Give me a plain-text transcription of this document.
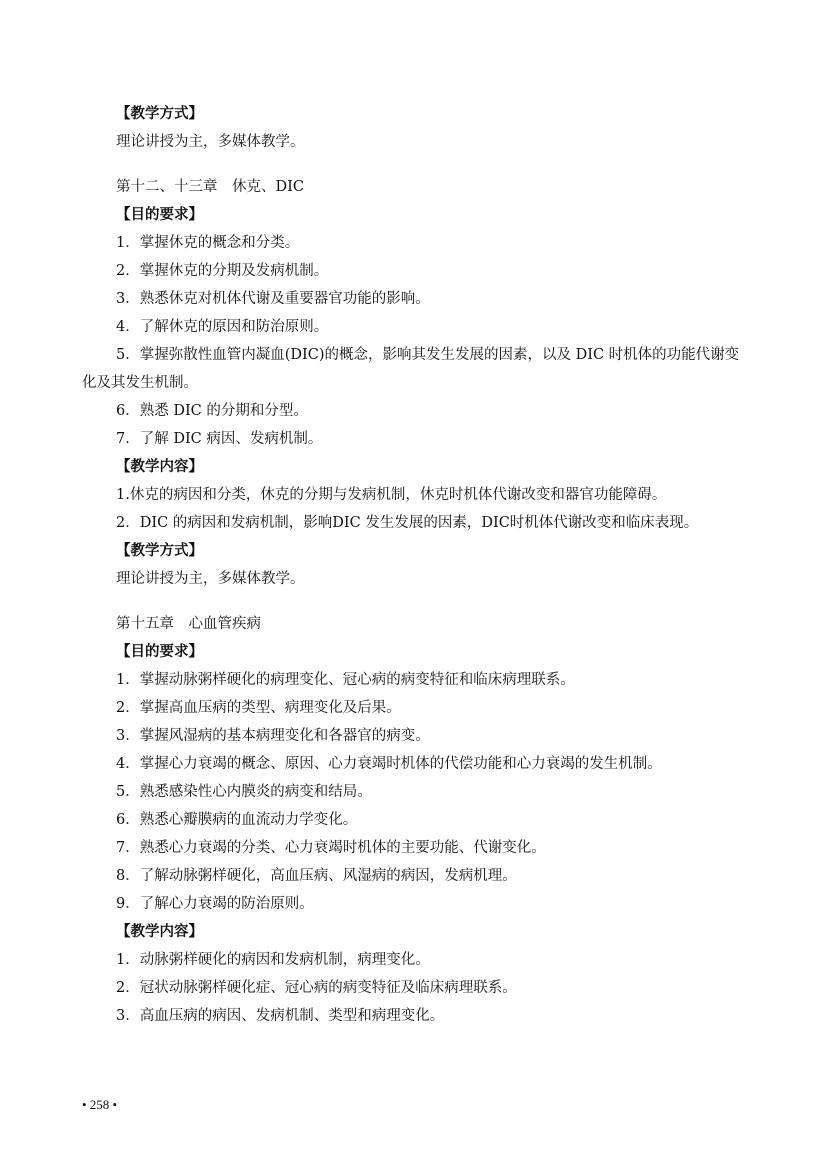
【教学方式】
理论讲授为主，多媒体教学。
第十二、十三章　休克、DIC
【目的要求】
1．掌握休克的概念和分类。
2．掌握休克的分期及发病机制。
3．熟悉休克对机体代谢及重要器官功能的影响。
4．了解休克的原因和防治原则。
5．掌握弥散性血管内凝血(DIC)的概念，影响其发生发展的因素，以及 DIC 时机体的功能代谢变化及其发生机制。
6．熟悉 DIC 的分期和分型。
7．了解 DIC 病因、发病机制。
【教学内容】
1.休克的病因和分类，休克的分期与发病机制，休克时机体代谢改变和器官功能障碍。
2．DIC 的病因和发病机制，影响DIC 发生发展的因素，DIC时机体代谢改变和临床表现。
【教学方式】
理论讲授为主，多媒体教学。
第十五章　心血管疾病
【目的要求】
1．掌握动脉粥样硬化的病理变化、冠心病的病变特征和临床病理联系。
2．掌握高血压病的类型、病理变化及后果。
3．掌握风湿病的基本病理变化和各器官的病变。
4．掌握心力衰竭的概念、原因、心力衰竭时机体的代偿功能和心力衰竭的发生机制。
5．熟悉感染性心内膜炎的病变和结局。
6．熟悉心瓣膜病的血流动力学变化。
7．熟悉心力衰竭的分类、心力衰竭时机体的主要功能、代谢变化。
8．了解动脉粥样硬化，高血压病、风湿病的病因，发病机理。
9．了解心力衰竭的防治原则。
【教学内容】
1．动脉粥样硬化的病因和发病机制，病理变化。
2．冠状动脉粥样硬化症、冠心病的病变特征及临床病理联系。
3．高血压病的病因、发病机制、类型和病理变化。
• 258 •
